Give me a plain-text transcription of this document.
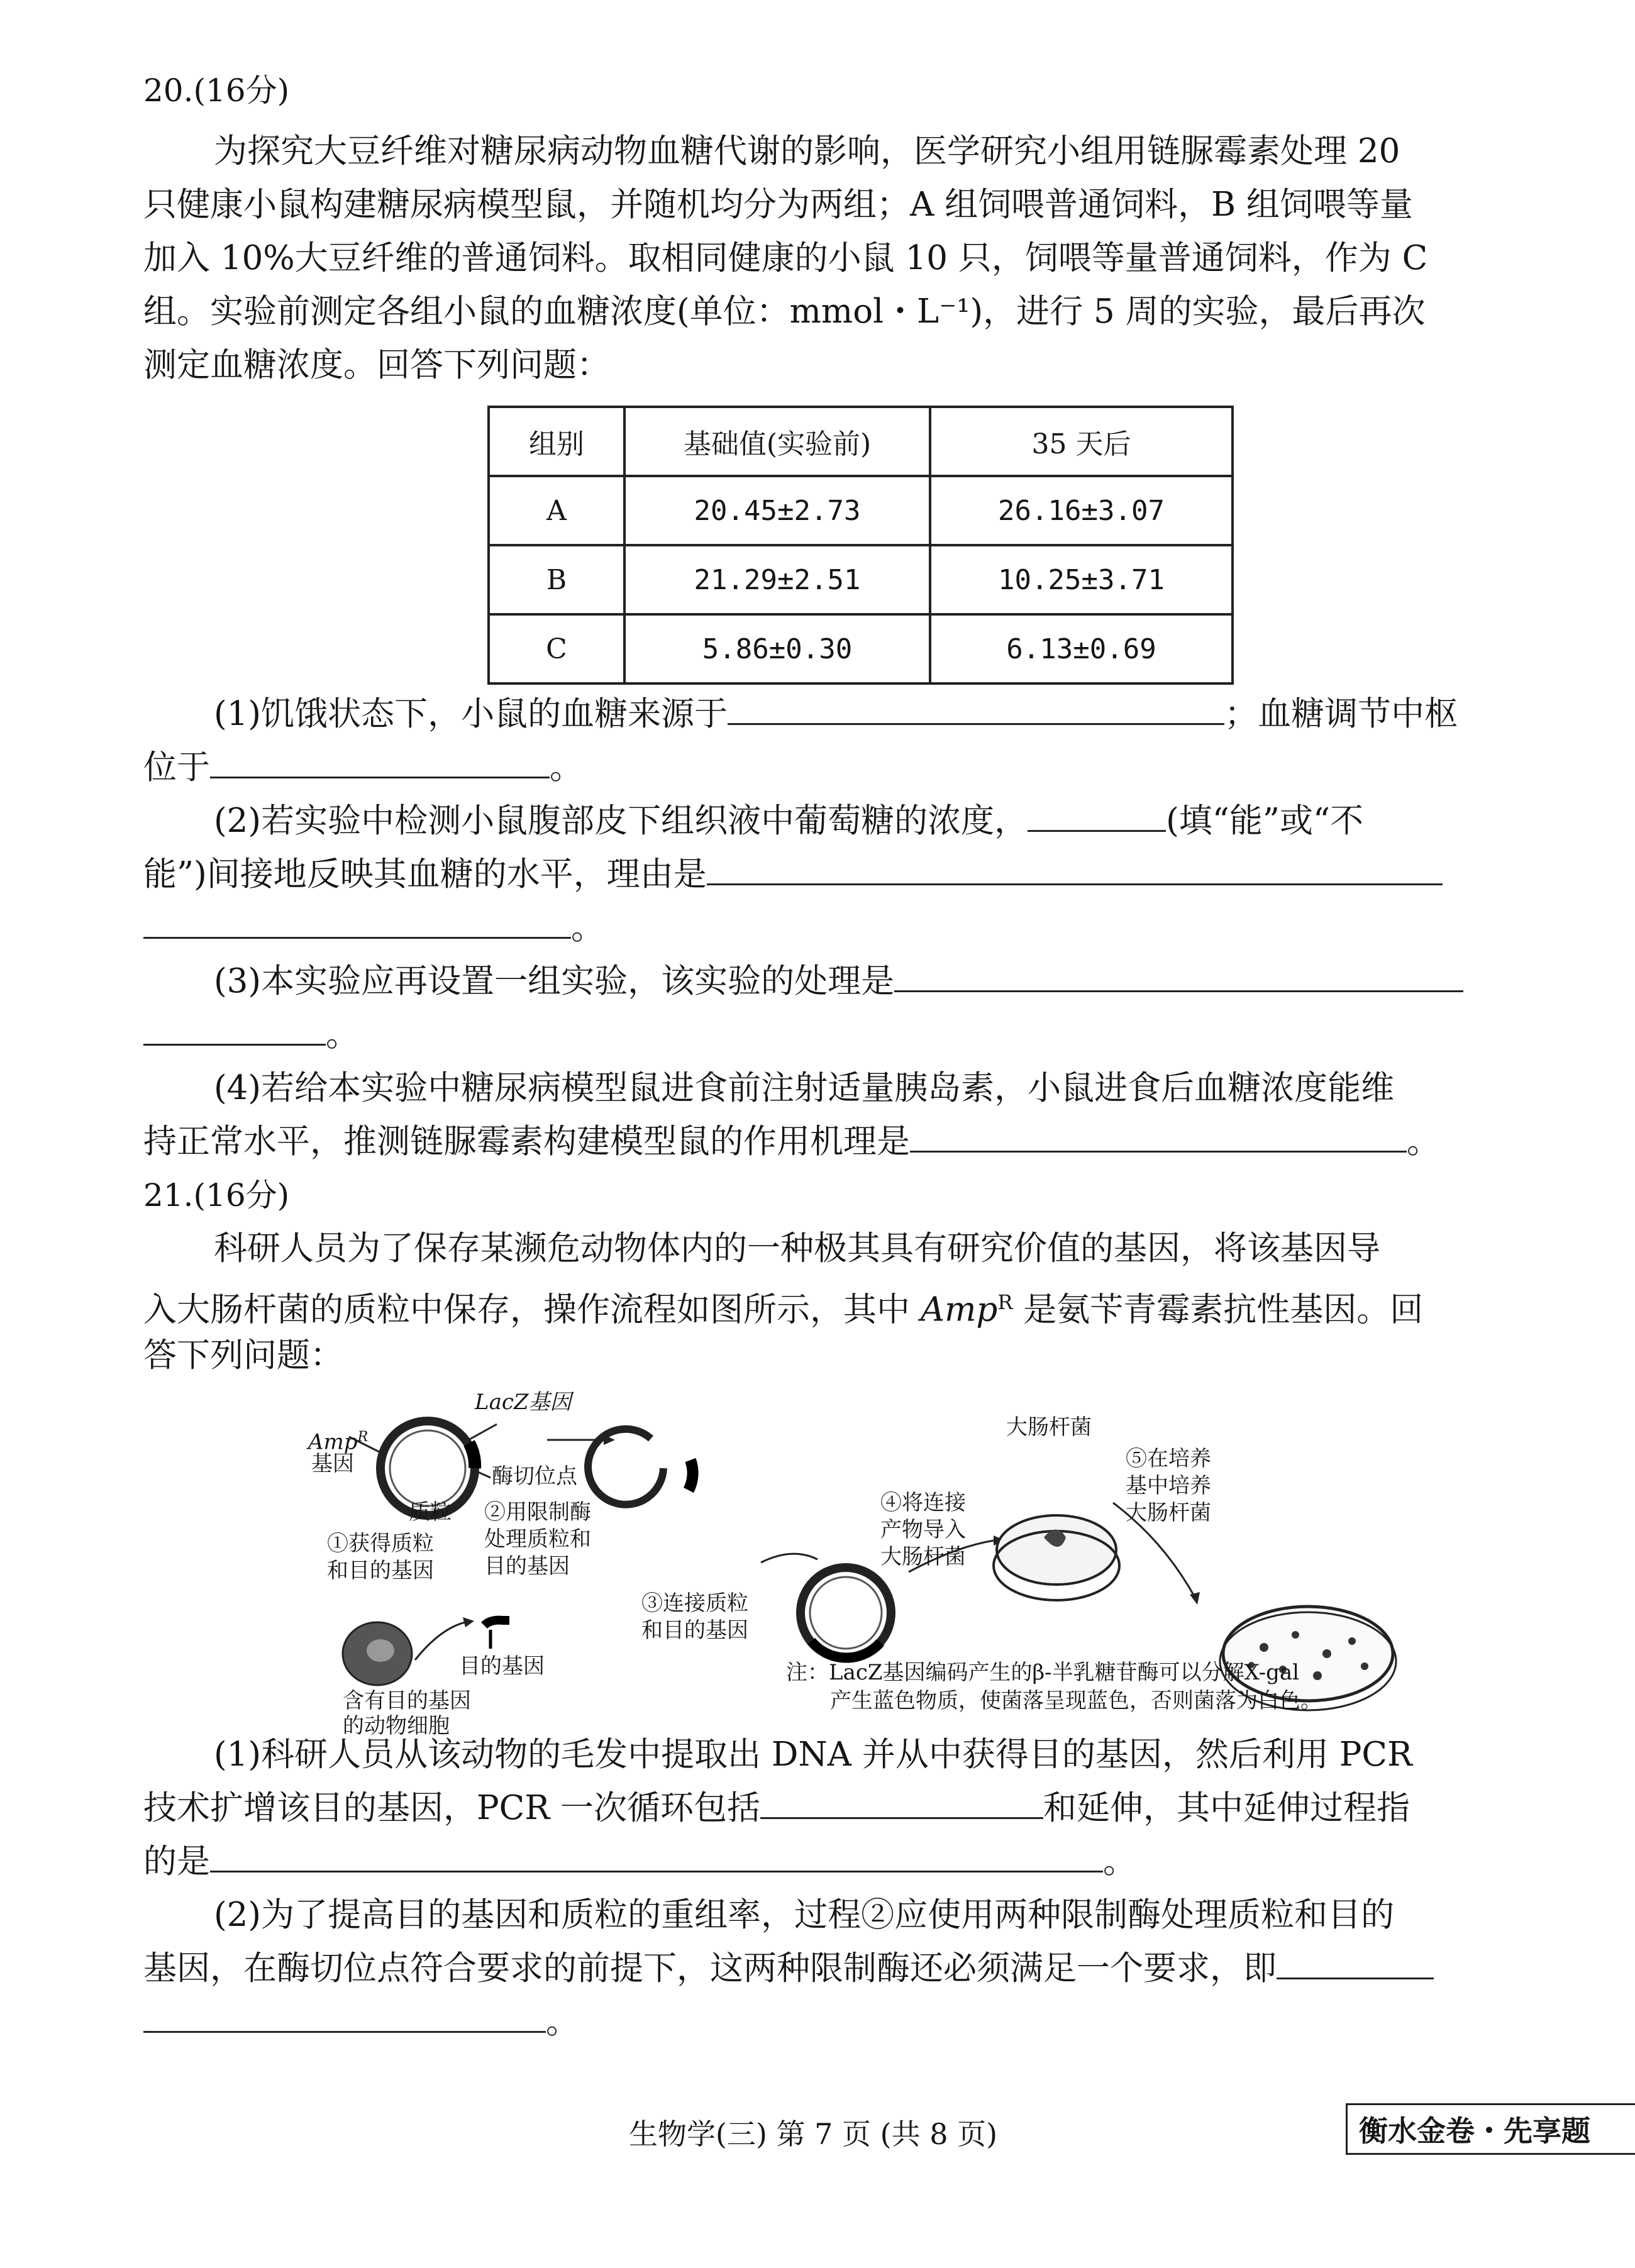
20.(16分)
为探究大豆纤维对糖尿病动物血糖代谢的影响，医学研究小组用链脲霉素处理 20
只健康小鼠构建糖尿病模型鼠，并随机均分为两组；A 组饲喂普通饲料，B 组饲喂等量
加入 10%大豆纤维的普通饲料。取相同健康的小鼠 10 只，饲喂等量普通饲料，作为 C
组。实验前测定各组小鼠的血糖浓度(单位：mmol・L⁻¹)，进行 5 周的实验，最后再次
测定血糖浓度。回答下列问题：
组别	基础值(实验前)	35 天后
A	20.45±2.73	26.16±3.07
B	21.29±2.51	10.25±3.71
C	5.86±0.30	6.13±0.69
(1)饥饿状态下，小鼠的血糖来源于	；血糖调节中枢
位于	。
(2)若实验中检测小鼠腹部皮下组织液中葡萄糖的浓度，	(填“能”或“不
能”)间接地反映其血糖的水平，理由是
。
(3)本实验应再设置一组实验，该实验的处理是
。
(4)若给本实验中糖尿病模型鼠进食前注射适量胰岛素，小鼠进食后血糖浓度能维
持正常水平，推测链脲霉素构建模型鼠的作用机理是	。
21.(16分)
科研人员为了保存某濒危动物体内的一种极其具有研究价值的基因，将该基因导
入大肠杆菌的质粒中保存，操作流程如图所示，其中 Amp$^R$ 是氨苄青霉素抗性基因。回
答下列问题：
LacZ基因
Amp$^R$
基因	酶切位点
质粒
①获得质粒
和目的基因
②用限制酶
处理质粒和
目的基因
③连接质粒
和目的基因
④将连接
产物导入
大肠杆菌
大肠杆菌
⑤在培养
基中培养
大肠杆菌
目的基因
含有目的基因
的动物细胞
注：LacZ基因编码产生的β-半乳糖苷酶可以分解X-gal
产生蓝色物质，使菌落呈现蓝色，否则菌落为白色。
(1)科研人员从该动物的毛发中提取出 DNA 并从中获得目的基因，然后利用 PCR
技术扩增该目的基因，PCR 一次循环包括	和延伸，其中延伸过程指
的是	。
(2)为了提高目的基因和质粒的重组率，过程②应使用两种限制酶处理质粒和目的
基因，在酶切位点符合要求的前提下，这两种限制酶还必须满足一个要求，即
。
生物学(三) 第 7 页 (共 8 页)	衡水金卷・先享题
